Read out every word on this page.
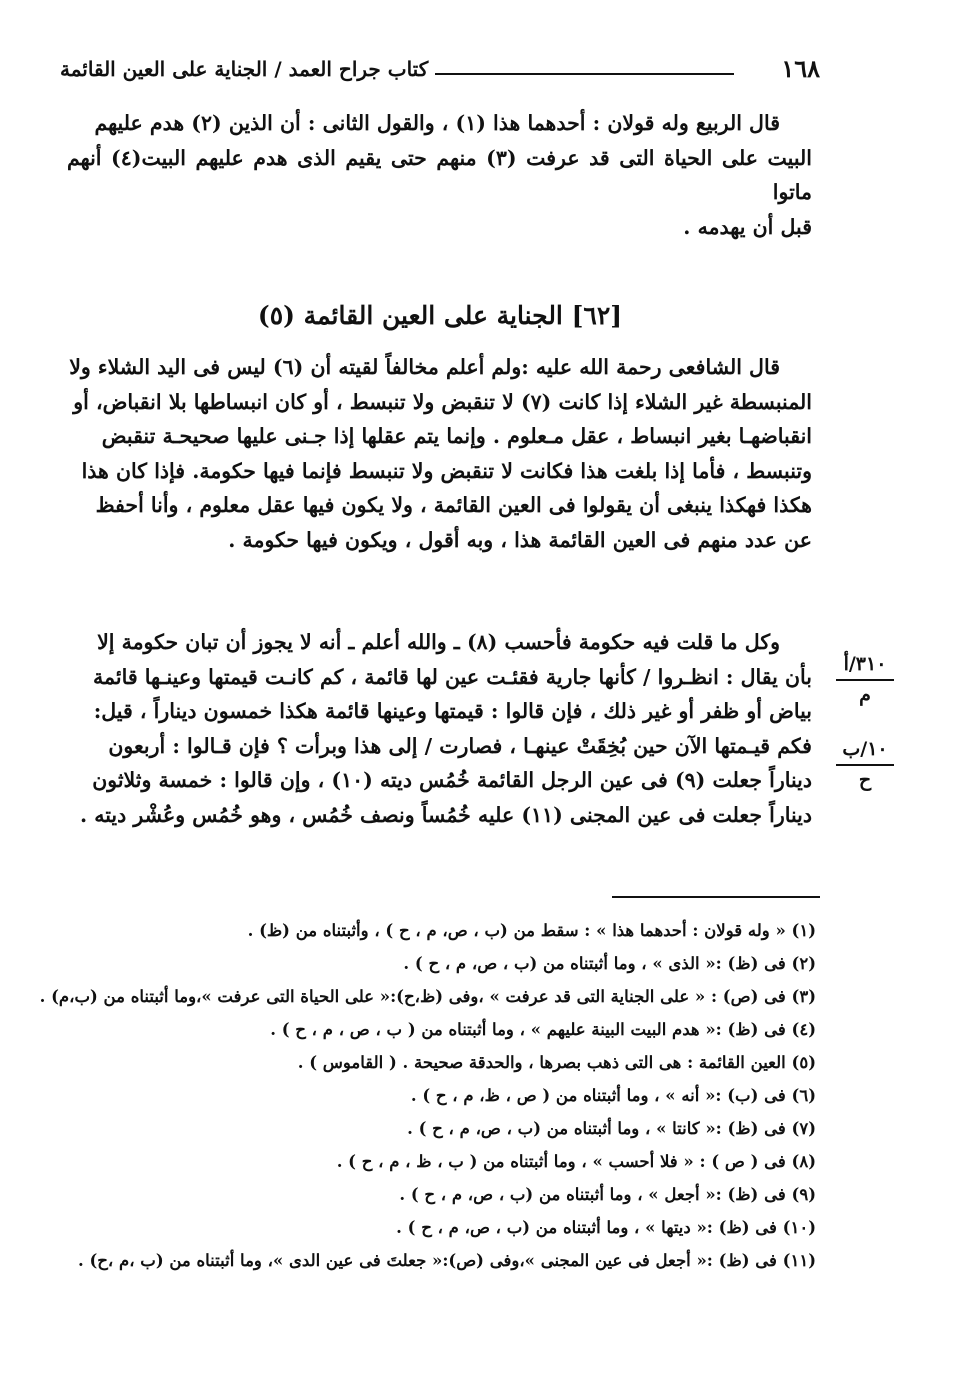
١٦٨
كتاب جراح العمد / الجناية على العين القائمة
قال الربيع وله قولان : أحدهما هذا (١) ، والقول الثانى : أن الذين (٢) هدم عليهم
البيت على الحياة التى قد عرفت (٣) منهم حتى يقيم الذى هدم عليهم البيت(٤) أنهم ماتوا
قبل أن يهدمه .
[٦٢] الجناية على العين القائمة (٥)
قال الشافعى رحمة الله عليه :ولم أعلم مخالفاً لقيته أن (٦) ليس فى اليد الشلاء ولا
المنبسطة غير الشلاء إذا كانت (٧) لا تنقبض ولا تنبسط ، أو كان انبساطها بلا انقباض، أو
انقباضهـا بغير انبساط ، عقل مـعلوم . وإنما يتم عقلها إذا جـنى عليها صحيحـة تنقبض
وتنبسط ، فأما إذا بلغت هذا فكانت لا تنقبض ولا تنبسط فإنما فيها حكومة. فإذا كان هذا
هكذا فهكذا ينبغى أن يقولوا فى العين القائمة ، ولا يكون فيها عقل معلوم ، وأنا أحفظ
عن عدد منهم فى العين القائمة هذا ، وبه أقول ، ويكون فيها حكومة .
وكل ما قلت فيه حكومة فأحسب (٨) ـ والله أعلم ـ أنه لا يجوز أن تبان حكومة إلا
بأن يقال : انظـروا / كأنها جارية فقئـت عين لها قائمة ، كم كانـت قيمتها وعينـها قائمة
بياض أو ظفر أو غير ذلك ، فإن قالوا : قيمتها وعينها قائمة هكذا خمسون ديناراً ، قيل:
فكم قيـمتها الآن حين بُخِقَتْ عينهـا ، فصارت / إلى هذا وبرأت ؟ فإن قـالوا : أربعون
ديناراً جعلت (٩) فى عين الرجل القائمة خُمُس ديته (١٠) ، وإن قالوا : خمسة وثلاثون
ديناراً جعلت فى عين المجنى (١١) عليه خُمُساً ونصف خُمُس ، وهو خُمُس وعُشْر ديته .
٣١٠/أ
م
١٠/ب
ح
(١) « وله قولان : أحدهما هذا » : سقط من (ب ، ص، م ، ح ) ، وأثبتناه من (ظ) .
(٢) فى (ظ) :« الذى » ، وما أثبتناه من (ب ، ص، م ، ح ) .
(٣) فى (ص) : « على الجناية التى قد عرفت » ،وفى (ظ،ح):« على الحياة التى عرفت »،وما أثبتناه من (ب،م) .
(٤) فى (ظ) :« هدم البيت البينة عليهم » ، وما أثبتناه من ( ب ، ص ، م ، ح ) .
(٥) العين القائمة : هى التى ذهب بصرها ، والحدقة صحيحة . ( القاموس ) .
(٦) فى (ب) :« أنه » ، وما أثبتناه من ( ص ، ظ، م ، ح ) .
(٧) فى (ظ) :« كانتا » ، وما أثبتناه من (ب ، ص، م ، ح ) .
(٨) فى ( ص ) : « فلا أحسب » ، وما أثبتناه من ( ب ، ظ ، م ، ح ) .
(٩) فى (ظ) :« أجعل » ، وما أثبتناه من (ب ، ص، م ، ح ) .
(١٠) فى (ظ) :« ديتها » ، وما أثبتناه من (ب ، ص، م ، ح ) .
(١١) فى (ظ) :« أجعل فى عين المجنى »،وفى (ص):« جعلتَ فى عين الدى »، وما أثبتناه من (ب ،م ،ح) .
